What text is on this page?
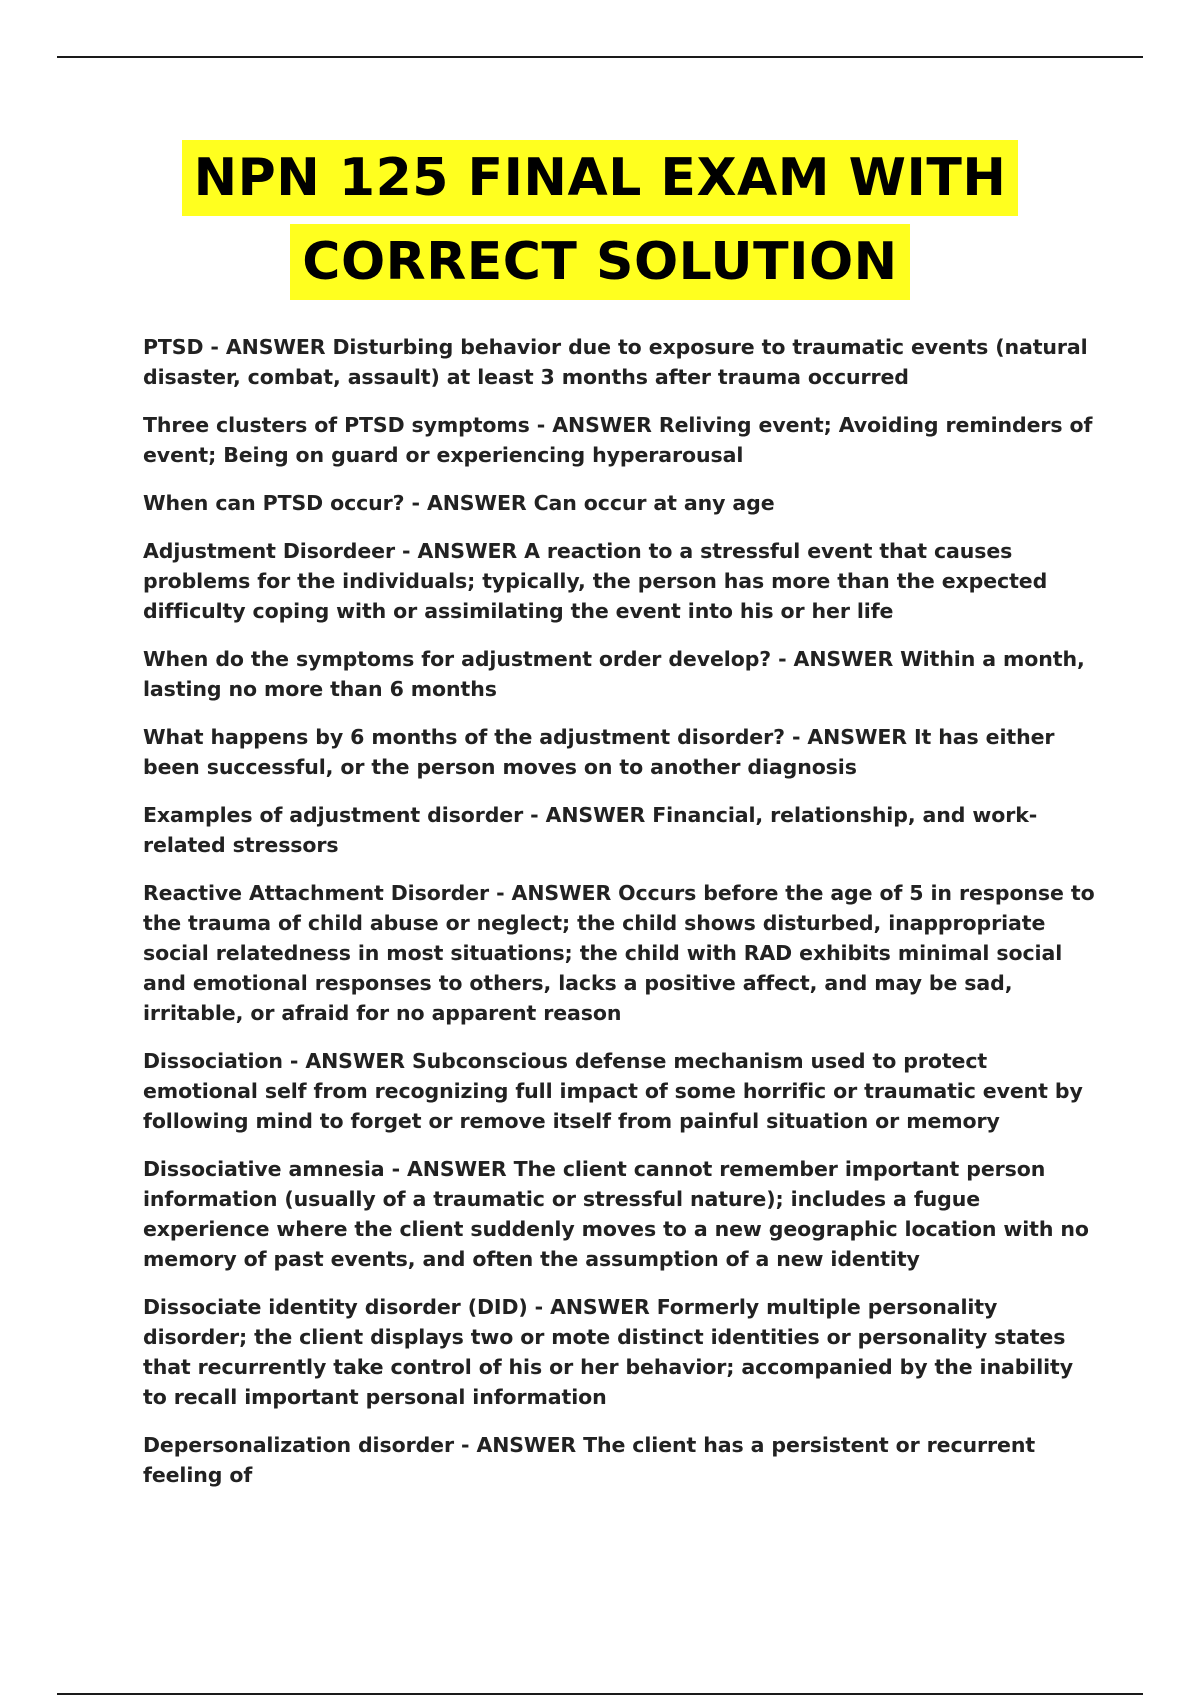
NPN 125 FINAL EXAM WITH
CORRECT SOLUTION

PTSD - ANSWER Disturbing behavior due to exposure to traumatic events (natural disaster, combat, assault) at least 3 months after trauma occurred

Three clusters of PTSD symptoms - ANSWER Reliving event; Avoiding reminders of event; Being on guard or experiencing hyperarousal

When can PTSD occur? - ANSWER Can occur at any age

Adjustment Disordeer - ANSWER A reaction to a stressful event that causes problems for the individuals; typically, the person has more than the expected difficulty coping with or assimilating the event into his or her life

When do the symptoms for adjustment order develop? - ANSWER Within a month, lasting no more than 6 months

What happens by 6 months of the adjustment disorder? - ANSWER It has either been successful, or the person moves on to another diagnosis

Examples of adjustment disorder - ANSWER Financial, relationship, and work-related stressors

Reactive Attachment Disorder - ANSWER Occurs before the age of 5 in response to the trauma of child abuse or neglect; the child shows disturbed, inappropriate social relatedness in most situations; the child with RAD exhibits minimal social and emotional responses to others, lacks a positive affect, and may be sad, irritable, or afraid for no apparent reason

Dissociation - ANSWER Subconscious defense mechanism used to protect emotional self from recognizing full impact of some horrific or traumatic event by following mind to forget or remove itself from painful situation or memory

Dissociative amnesia - ANSWER The client cannot remember important person information (usually of a traumatic or stressful nature); includes a fugue experience where the client suddenly moves to a new geographic location with no memory of past events, and often the assumption of a new identity

Dissociate identity disorder (DID) - ANSWER Formerly multiple personality disorder; the client displays two or mote distinct identities or personality states that recurrently take control of his or her behavior; accompanied by the inability to recall important personal information

Depersonalization disorder - ANSWER The client has a persistent or recurrent feeling of
